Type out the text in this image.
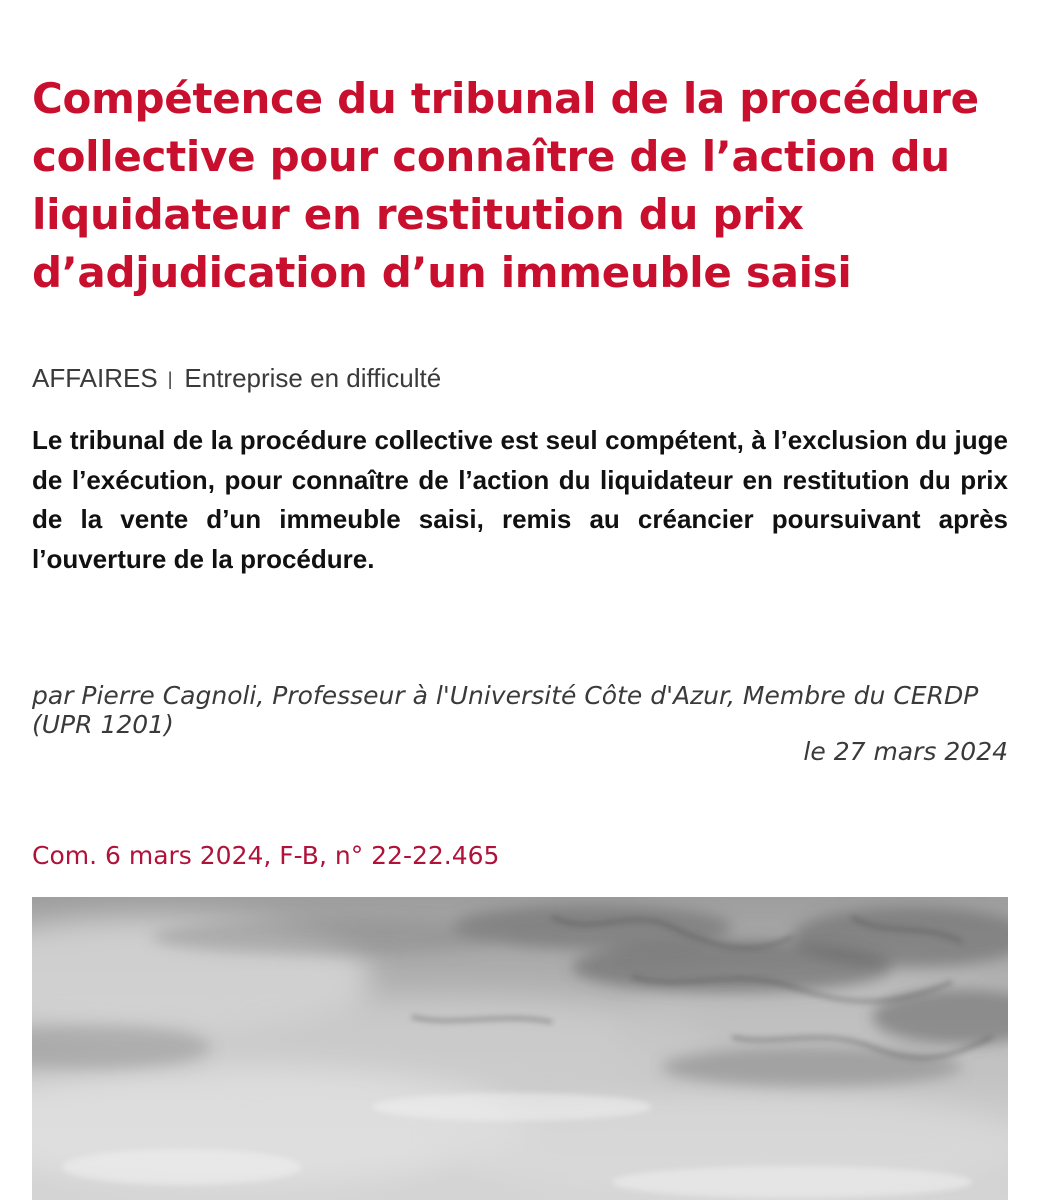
Compétence du tribunal de la procédure collective pour connaître de l’action du liquidateur en restitution du prix d’adjudication d’un immeuble saisi
AFFAIRES | Entreprise en difficulté

Le tribunal de la procédure collective est seul compétent, à l’exclusion du juge de l’exécution, pour connaître de l’action du liquidateur en restitution du prix de la vente d’un immeuble saisi, remis au créancier poursuivant après l’ouverture de la procédure.

par Pierre Cagnoli, Professeur à l'Université Côte d'Azur, Membre du CERDP (UPR 1201)

le 27 mars 2024
Com. 6 mars 2024, F-B, n° 22-22.465
